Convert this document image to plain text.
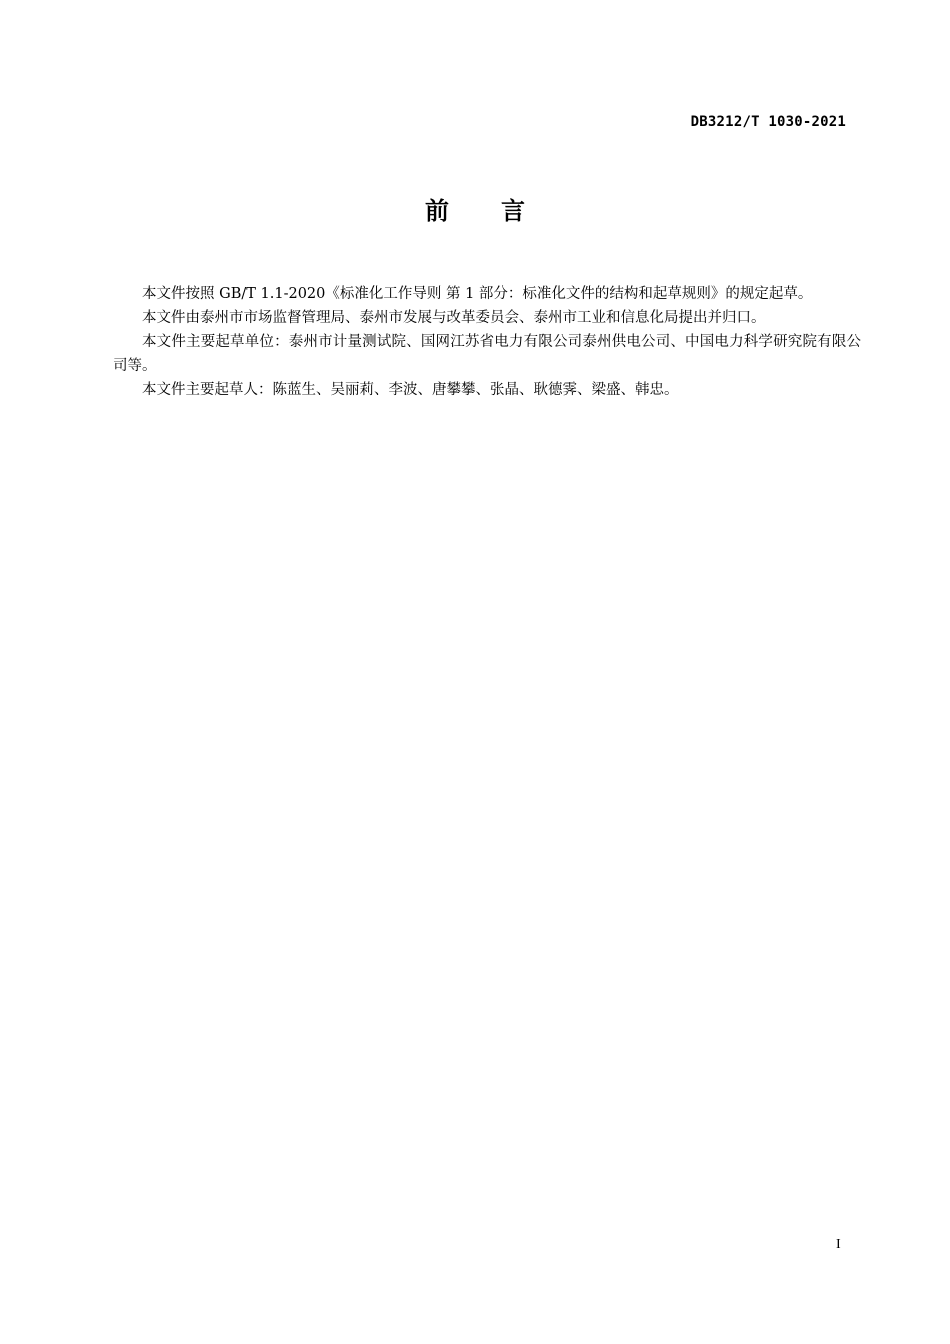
DB3212/T 1030-2021
前 言

本文件按照 GB/T 1.1-2020《标准化工作导则 第 1 部分：标准化文件的结构和起草规则》的规定起草。

本文件由泰州市市场监督管理局、泰州市发展与改革委员会、泰州市工业和信息化局提出并归口。

本文件主要起草单位：泰州市计量测试院、国网江苏省电力有限公司泰州供电公司、中国电力科学研究院有限公司等。

本文件主要起草人：陈蓝生、吴丽莉、李波、唐攀攀、张晶、耿德霁、梁盛、韩忠。

I
